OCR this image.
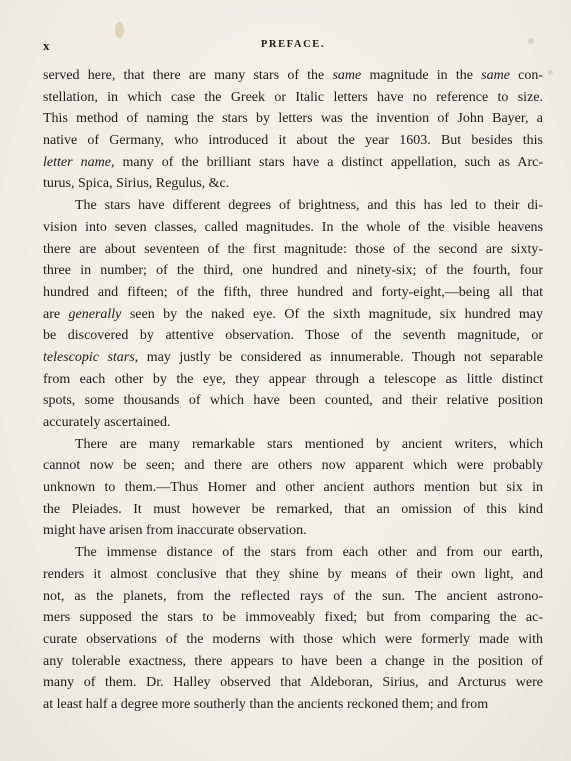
x	PREFACE.
served here, that there are many stars of the same magnitude in the same con-
stellation, in which case the Greek or Italic letters have no reference to size.
This method of naming the stars by letters was the invention of John Bayer, a
native of Germany, who introduced it about the year 1603. But besides this
letter name, many of the brilliant stars have a distinct appellation, such as Arc-
turus, Spica, Sirius, Regulus, &c.
The stars have different degrees of brightness, and this has led to their di-
vision into seven classes, called magnitudes. In the whole of the visible heavens
there are about seventeen of the first magnitude: those of the second are sixty-
three in number; of the third, one hundred and ninety-six; of the fourth, four
hundred and fifteen; of the fifth, three hundred and forty-eight,—being all that
are generally seen by the naked eye. Of the sixth magnitude, six hundred may
be discovered by attentive observation. Those of the seventh magnitude, or
telescopic stars, may justly be considered as innumerable. Though not separable
from each other by the eye, they appear through a telescope as little distinct
spots, some thousands of which have been counted, and their relative position
accurately ascertained.
There are many remarkable stars mentioned by ancient writers, which
cannot now be seen; and there are others now apparent which were probably
unknown to them.—Thus Homer and other ancient authors mention but six in
the Pleiades. It must however be remarked, that an omission of this kind
might have arisen from inaccurate observation.
The immense distance of the stars from each other and from our earth,
renders it almost conclusive that they shine by means of their own light, and
not, as the planets, from the reflected rays of the sun. The ancient astrono-
mers supposed the stars to be immoveably fixed; but from comparing the ac-
curate observations of the moderns with those which were formerly made with
any tolerable exactness, there appears to have been a change in the position of
many of them. Dr. Halley observed that Aldeboran, Sirius, and Arcturus were
at least half a degree more southerly than the ancients reckoned them; and from
